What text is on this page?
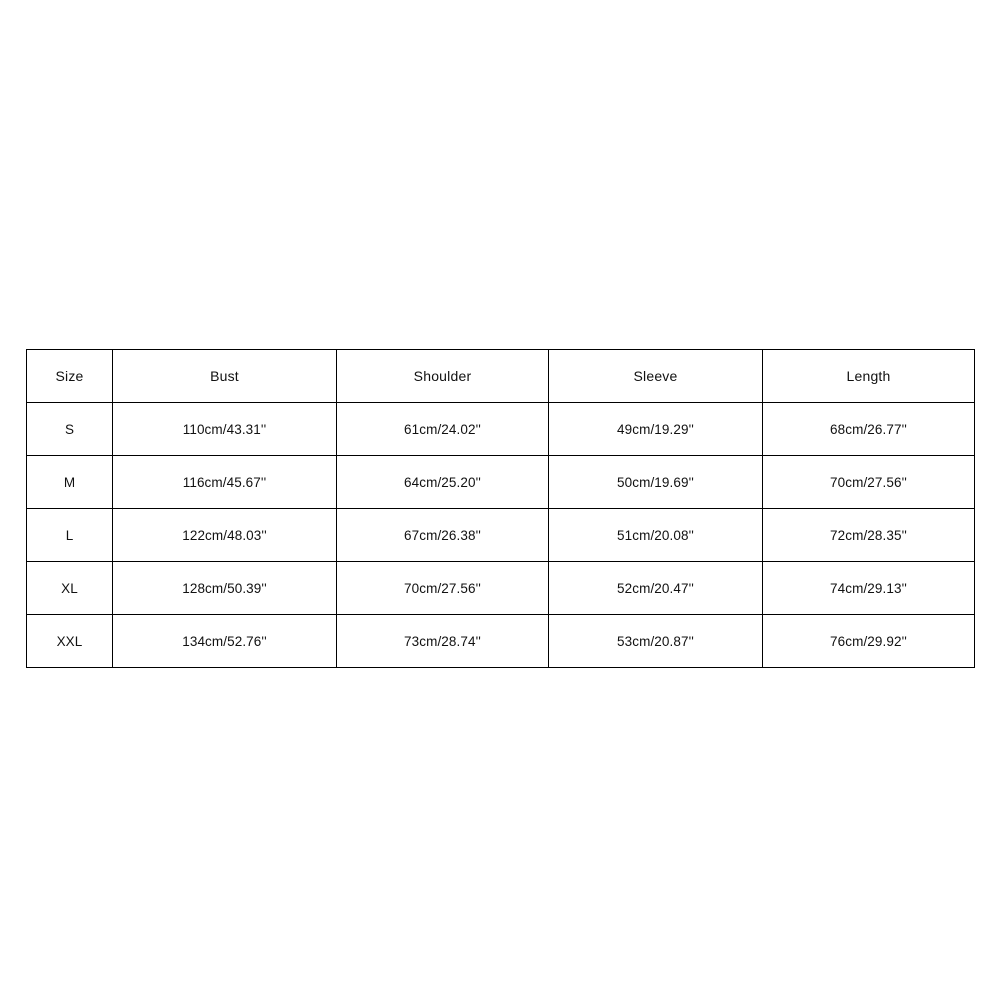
Size	Bust	Shoulder	Sleeve	Length
S	110cm/43.31''	61cm/24.02''	49cm/19.29''	68cm/26.77''
M	116cm/45.67''	64cm/25.20''	50cm/19.69''	70cm/27.56''
L	122cm/48.03''	67cm/26.38''	51cm/20.08''	72cm/28.35''
XL	128cm/50.39''	70cm/27.56''	52cm/20.47''	74cm/29.13''
XXL	134cm/52.76''	73cm/28.74''	53cm/20.87''	76cm/29.92''
